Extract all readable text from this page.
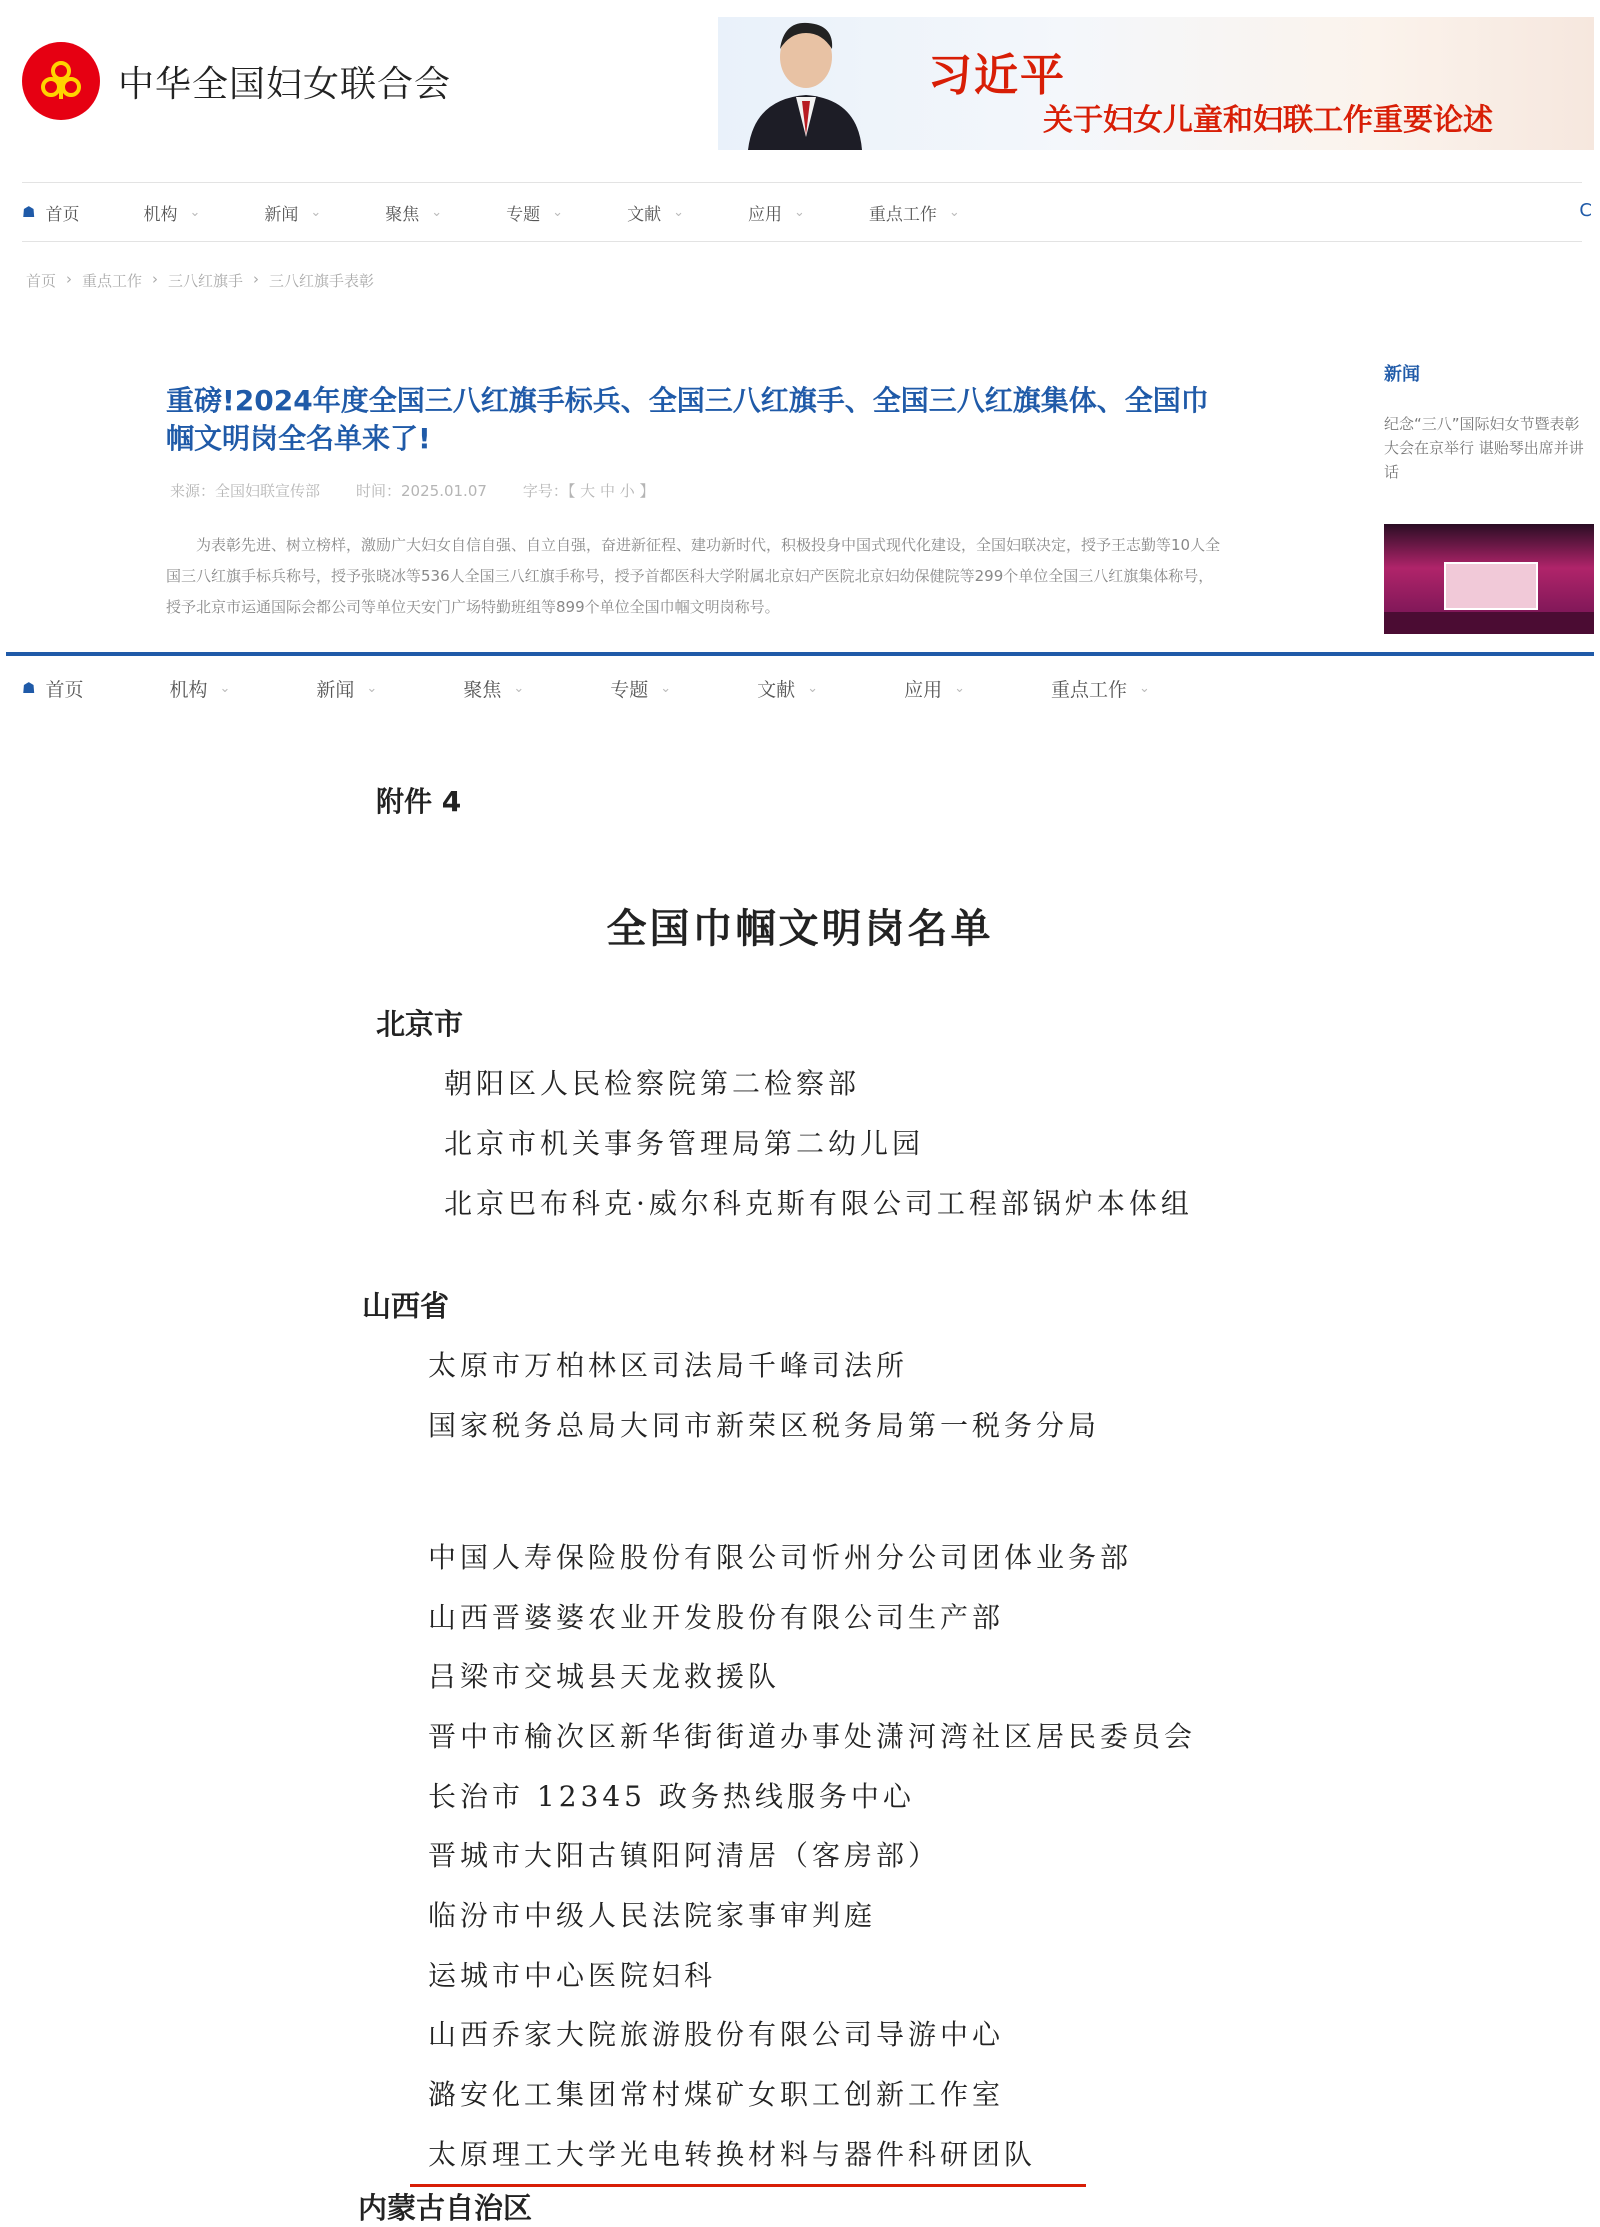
中华全国妇女联合会	习近平
关于妇女儿童和妇联工作重要论述
☗ 首页	机构 ⌄	新闻 ⌄	聚焦 ⌄	专题 ⌄	文献 ⌄	应用 ⌄	重点工作 ⌄	C
首页 › 重点工作 › 三八红旗手 › 三八红旗手表彰
重磅!2024年度全国三八红旗手标兵、全国三八红旗手、全国三八红旗集体、全国巾帼文明岗全名单来了!
来源：全国妇联宣传部 时间：2025.01.07 字号：【 大 中 小 】
为表彰先进、树立榜样，激励广大妇女自信自强、自立自强，奋进新征程、建功新时代，积极投身中国式现代化建设，全国妇联决定，授予王志勤等10人全国三八红旗手标兵称号，授予张晓冰等536人全国三八红旗手称号，授予首都医科大学附属北京妇产医院北京妇幼保健院等299个单位全国三八红旗集体称号，授予北京市运通国际会都公司等单位天安门广场特勤班组等899个单位全国巾帼文明岗称号。
新闻
纪念“三八”国际妇女节暨表彰大会在京举行 谌贻琴出席并讲话
☗ 首页	机构 ⌄	新闻 ⌄	聚焦 ⌄	专题 ⌄	文献 ⌄	应用 ⌄	重点工作 ⌄
附件 4
全国巾帼文明岗名单
北京市
朝阳区人民检察院第二检察部
北京市机关事务管理局第二幼儿园
北京巴布科克·威尔科克斯有限公司工程部锅炉本体组
山西省
太原市万柏林区司法局千峰司法所
国家税务总局大同市新荣区税务局第一税务分局
中国人寿保险股份有限公司忻州分公司团体业务部
山西晋婆婆农业开发股份有限公司生产部
吕梁市交城县天龙救援队
晋中市榆次区新华街街道办事处潇河湾社区居民委员会
长治市 12345 政务热线服务中心
晋城市大阳古镇阳阿清居（客房部）
临汾市中级人民法院家事审判庭
运城市中心医院妇科
山西乔家大院旅游股份有限公司导游中心
潞安化工集团常村煤矿女职工创新工作室
太原理工大学光电转换材料与器件科研团队
内蒙古自治区
